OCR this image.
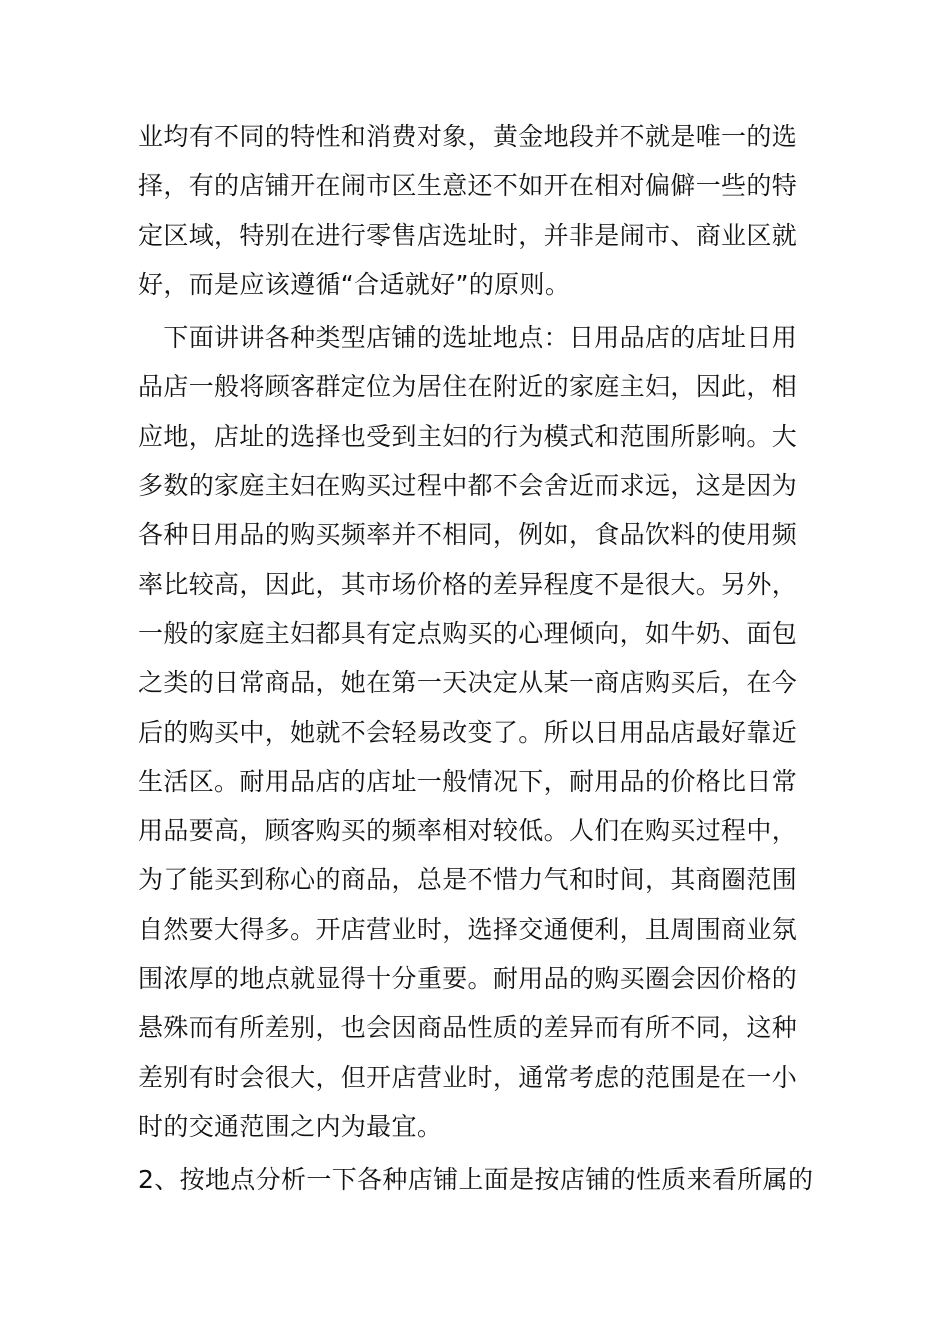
业均有不同的特性和消费对象，黄金地段并不就是唯一的选
择，有的店铺开在闹市区生意还不如开在相对偏僻一些的特
定区域，特别在进行零售店选址时，并非是闹市、商业区就
好，而是应该遵循“合适就好”的原则。
　下面讲讲各种类型店铺的选址地点：日用品店的店址日用
品店一般将顾客群定位为居住在附近的家庭主妇，因此，相
应地，店址的选择也受到主妇的行为模式和范围所影响。大
多数的家庭主妇在购买过程中都不会舍近而求远，这是因为
各种日用品的购买频率并不相同，例如，食品饮料的使用频
率比较高，因此，其市场价格的差异程度不是很大。另外，
一般的家庭主妇都具有定点购买的心理倾向，如牛奶、面包
之类的日常商品，她在第一天决定从某一商店购买后，在今
后的购买中，她就不会轻易改变了。所以日用品店最好靠近
生活区。耐用品店的店址一般情况下，耐用品的价格比日常
用品要高，顾客购买的频率相对较低。人们在购买过程中，
为了能买到称心的商品，总是不惜力气和时间，其商圈范围
自然要大得多。开店营业时，选择交通便利，且周围商业氛
围浓厚的地点就显得十分重要。耐用品的购买圈会因价格的
悬殊而有所差别，也会因商品性质的差异而有所不同，这种
差别有时会很大，但开店营业时，通常考虑的范围是在一小
时的交通范围之内为最宜。
2、按地点分析一下各种店铺上面是按店铺的性质来看所属的
